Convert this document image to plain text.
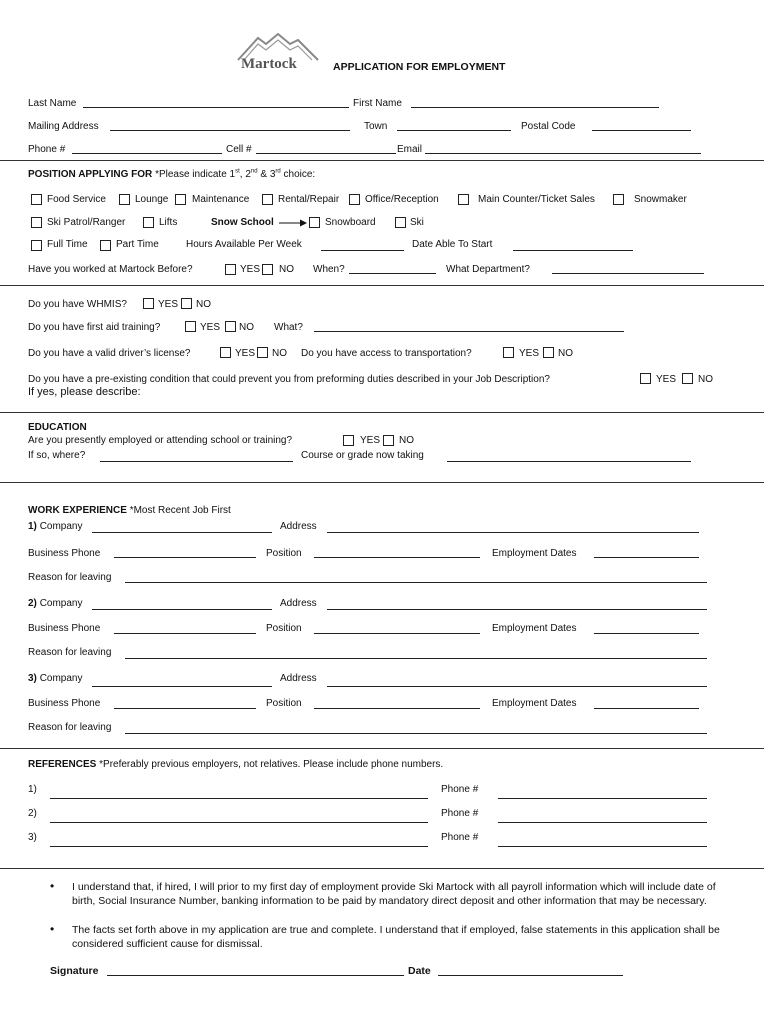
Martock	APPLICATION FOR EMPLOYMENT
Last Name	First Name
Mailing Address	Town	Postal Code
Phone #	Cell #	Email
POSITION APPLYING FOR *Please indicate 1st, 2nd & 3rd choice:
Food Service	Lounge Maintenance	Rental/Repair	Office/Reception	Main Counter/Ticket Sales	Snowmaker
Ski Patrol/Ranger	Lifts	Snow School	Snowboard	Ski
Full Time	Part Time	Hours Available Per Week	Date Able To Start
Have you worked at Martock Before?	YES NO When?	What Department?
Do you have WHMIS?	YES NO
Do you have first aid training?	YES NO What?
Do you have a valid driver’s license?	YES NO Do you have access to transportation?	YES NO
Do you have a pre-existing condition that could prevent you from preforming duties described in your Job Description?	YES NO
If yes, please describe:
EDUCATION
Are you presently employed or attending school or training?	YES NO
If so, where?	Course or grade now taking
WORK EXPERIENCE *Most Recent Job First
1) Company	Address
Business Phone	Position	Employment Dates
Reason for leaving
2) Company	Address
Business Phone	Position	Employment Dates
Reason for leaving
3) Company	Address
Business Phone	Position	Employment Dates
Reason for leaving
REFERENCES *Preferably previous employers, not relatives. Please include phone numbers.
1)	Phone #
2)	Phone #
3)	Phone #
• I understand that, if hired, I will prior to my first day of employment provide Ski Martock with all payroll information which will include date of birth, Social Insurance Number, banking information to be paid by mandatory direct deposit and other information that may be necessary.
• The facts set forth above in my application are true and complete. I understand that if employed, false statements in this application shall be considered sufficient cause for dismissal.
Signature	Date
